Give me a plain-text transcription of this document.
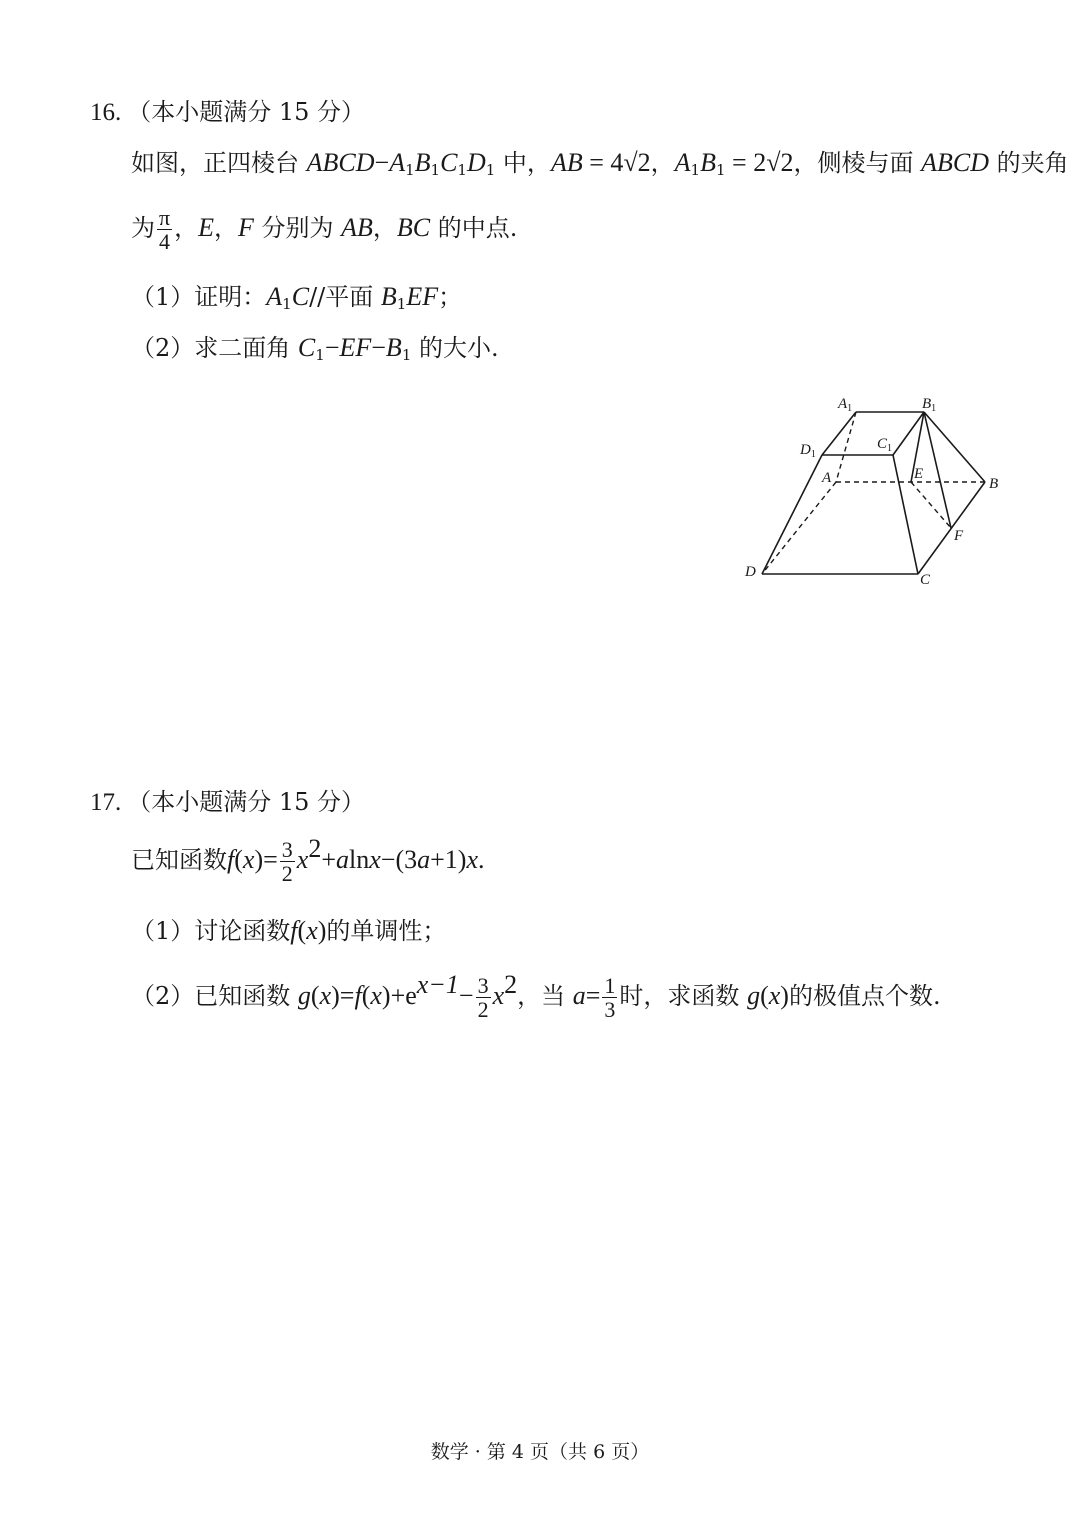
16. （本小题满分 15 分）
如图，正四棱台 $ABCD-A_1B_1C_1D_1$ 中，AB = 4√2，$A_1B_1 = 2√2$，侧棱与面 ABCD 的夹角
为 $\frac{\pi}{4}$ ，E，F 分别为 AB，BC 的中点.
（1）证明：$A_1C//$平面 $B_1EF$；
（2）求二面角 $C_1-EF-B_1$ 的大小.
$A_1$	$B_1$
$C_1$
$D_1$
A	B
C
D
E
F
17. （本小题满分 15 分）
已知函数$f(x)= \frac{3}{2} x^2+alnx-(3a+1)x$.
（1）讨论函数f(x)的单调性；
（2）已知函数 $g(x)=f(x)+e^{x-1}- \frac{3}{2} x^2$，当 $a= \frac{1}{3}$ 时，求函数 g(x)的极值点个数.
数学 · 第 4 页（共 6 页）
